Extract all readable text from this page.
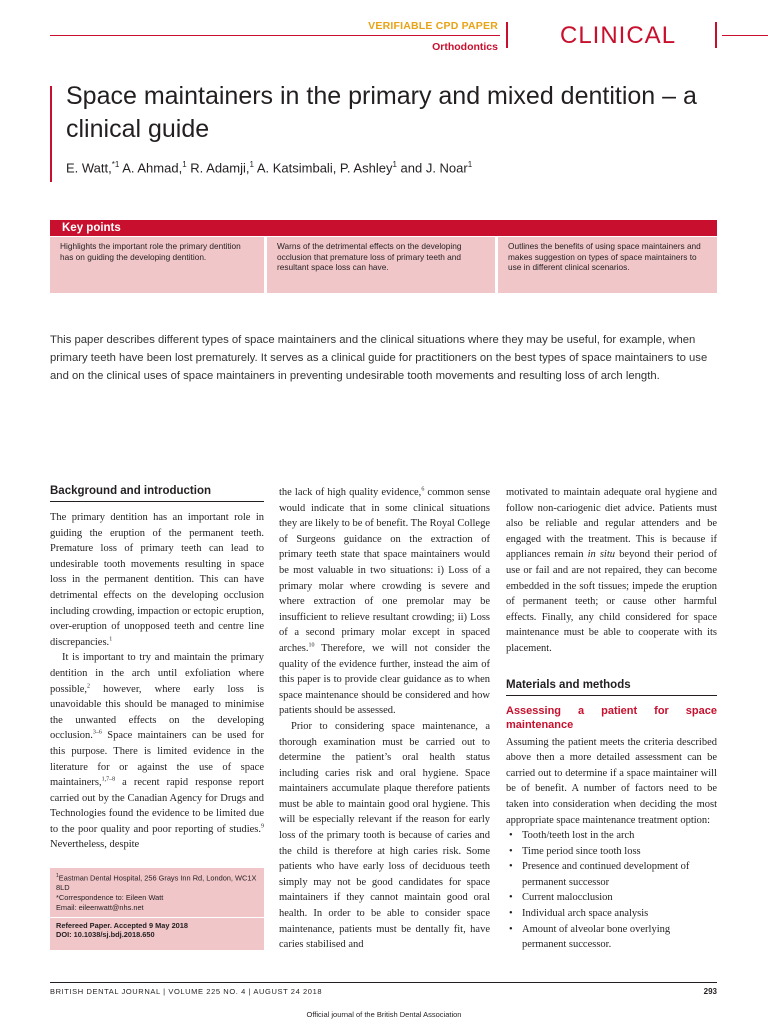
VERIFIABLE CPD PAPER
Orthodontics	CLINICAL
Space maintainers in the primary and mixed dentition – a clinical guide
E. Watt,$^{*1}$ A. Ahmad,$^1$ R. Adamji,$^1$ A. Katsimbali, P. Ashley$^1$ and J. Noar$^1$
Key points
Highlights the important role the primary dentition has on guiding the developing dentition.
Warns of the detrimental effects on the developing occlusion that premature loss of primary teeth and resultant space loss can have.
Outlines the benefits of using space maintainers and makes suggestion on types of space maintainers to use in different clinical scenarios.

This paper describes different types of space maintainers and the clinical situations where they may be useful, for example, when primary teeth have been lost prematurely. It serves as a clinical guide for practitioners on the best types of space maintainers to use and on the clinical uses of space maintainers in preventing undesirable tooth movements and resulting loss of arch length.

Background and introduction

The primary dentition has an important role in guiding the eruption of the permanent teeth. Premature loss of primary teeth can lead to undesirable tooth movements resulting in space loss in the permanent dentition. This can have detrimental effects on the developing occlusion including crowding, impaction or ectopic eruption, over-eruption of unopposed teeth and centre line discrepancies.$^1$

It is important to try and maintain the primary dentition in the arch until exfoliation where possible,$^2$ however, where early loss is unavoidable this should be managed to minimise the unwanted effects on the developing occlusion.$^{3-6}$ Space maintainers can be used for this purpose. There is limited evidence in the literature for or against the use of space maintainers,$^{1,7-8}$ a recent rapid response report carried out by the Canadian Agency for Drugs and Technologies found the evidence to be limited due to the poor quality and poor reporting of studies.$^9$ Nevertheless, despite

the lack of high quality evidence,$^6$ common sense would indicate that in some clinical situations they are likely to be of benefit. The Royal College of Surgeons guidance on the extraction of primary teeth state that space maintainers would be most valuable in two situations: i) Loss of a primary molar where crowding is severe and where extraction of one premolar may be insufficient to relieve resultant crowding; ii) Loss of a second primary molar except in spaced arches.$^{10}$ Therefore, we will not consider the quality of the evidence further, instead the aim of this paper is to provide clear guidance as to when space maintenance should be considered and how patients should be assessed.

Prior to considering space maintenance, a thorough examination must be carried out to determine the patient’s oral health status including caries risk and oral hygiene. Space maintainers accumulate plaque therefore patients must be able to maintain good oral hygiene. This will be especially relevant if the reason for early loss of the primary tooth is because of caries and the child is therefore at high caries risk. Some patients who have early loss of deciduous teeth simply may not be good candidates for space maintainers if they cannot maintain good oral health. In order to be able to consider space maintenance, patients must be dentally fit, have caries stabilised and

motivated to maintain adequate oral hygiene and follow non-cariogenic diet advice. Patients must also be reliable and regular attenders and be engaged with the treatment. This is because if appliances remain in situ beyond their period of use or fail and are not repaired, they can become embedded in the soft tissues; impede the eruption of permanent teeth; or cause other harmful effects. Finally, any child considered for space maintenance must be able to cooperate with its placement.

Materials and methods
Assessing a patient for space maintenance

Assuming the patient meets the criteria described above then a more detailed assessment can be carried out to determine if a space maintainer will be of benefit. A number of factors need to be taken into consideration when deciding the most appropriate space maintenance treatment option:

• Tooth/teeth lost in the arch
• Time period since tooth loss
• Presence and continued development of permanent successor
• Current malocclusion
• Individual arch space analysis
• Amount of alveolar bone overlying permanent successor.
$^1$Eastman Dental Hospital, 256 Grays Inn Rd, London, WC1X 8LD
*Correspondence to: Eileen Watt
Email: eileenwatt@nhs.net
Refereed Paper. Accepted 9 May 2018
DOI: 10.1038/sj.bdj.2018.650
BRITISH DENTAL JOURNAL | VOLUME 225 NO. 4 | AUGUST 24 2018	293
Official journal of the British Dental Association
